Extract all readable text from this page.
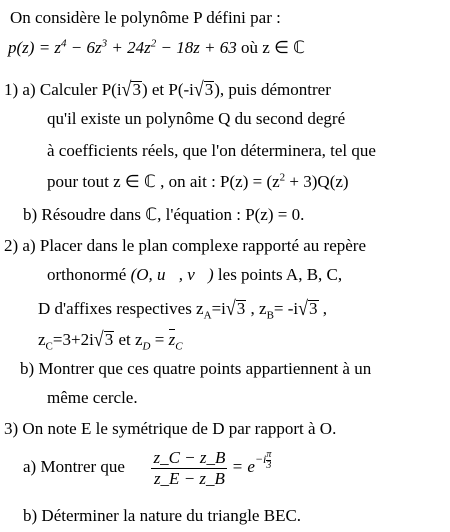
On considère le polynôme P défini par :
$p(z) = z^4 - 6z^3 + 24z^2 - 18z + 63$ où z ∈ ℂ
1) a) Calculer P(i√3) et P(-i√3), puis démontrer
qu'il existe un polynôme Q du second degré
à coefficients réels, que l'on déterminera, tel que
pour tout z ∈ ℂ , on ait : $P(z) = (z^2 + 3)Q(z)$
b) Résoudre dans ℂ, l'équation : P(z) = 0.
2) a) Placer dans le plan complexe rapporté au repère
orthonormé (O, u⃗, v⃗) les points A, B, C,
D d'affixes respectives $z_A=i√3$ , $z_B= -i√3$ ,
$z_C=3+2i√3$ et $z_D = z_C$
b) Montrer que ces quatre points appartiennent à un
même cercle.
3) On note E le symétrique de D par rapport à O.
a) Montrer que $\frac{z\_C - z\_B}{z\_E - z\_B} = e^{-i \frac{\pi}{3}}$
b) Déterminer la nature du triangle BEC.
